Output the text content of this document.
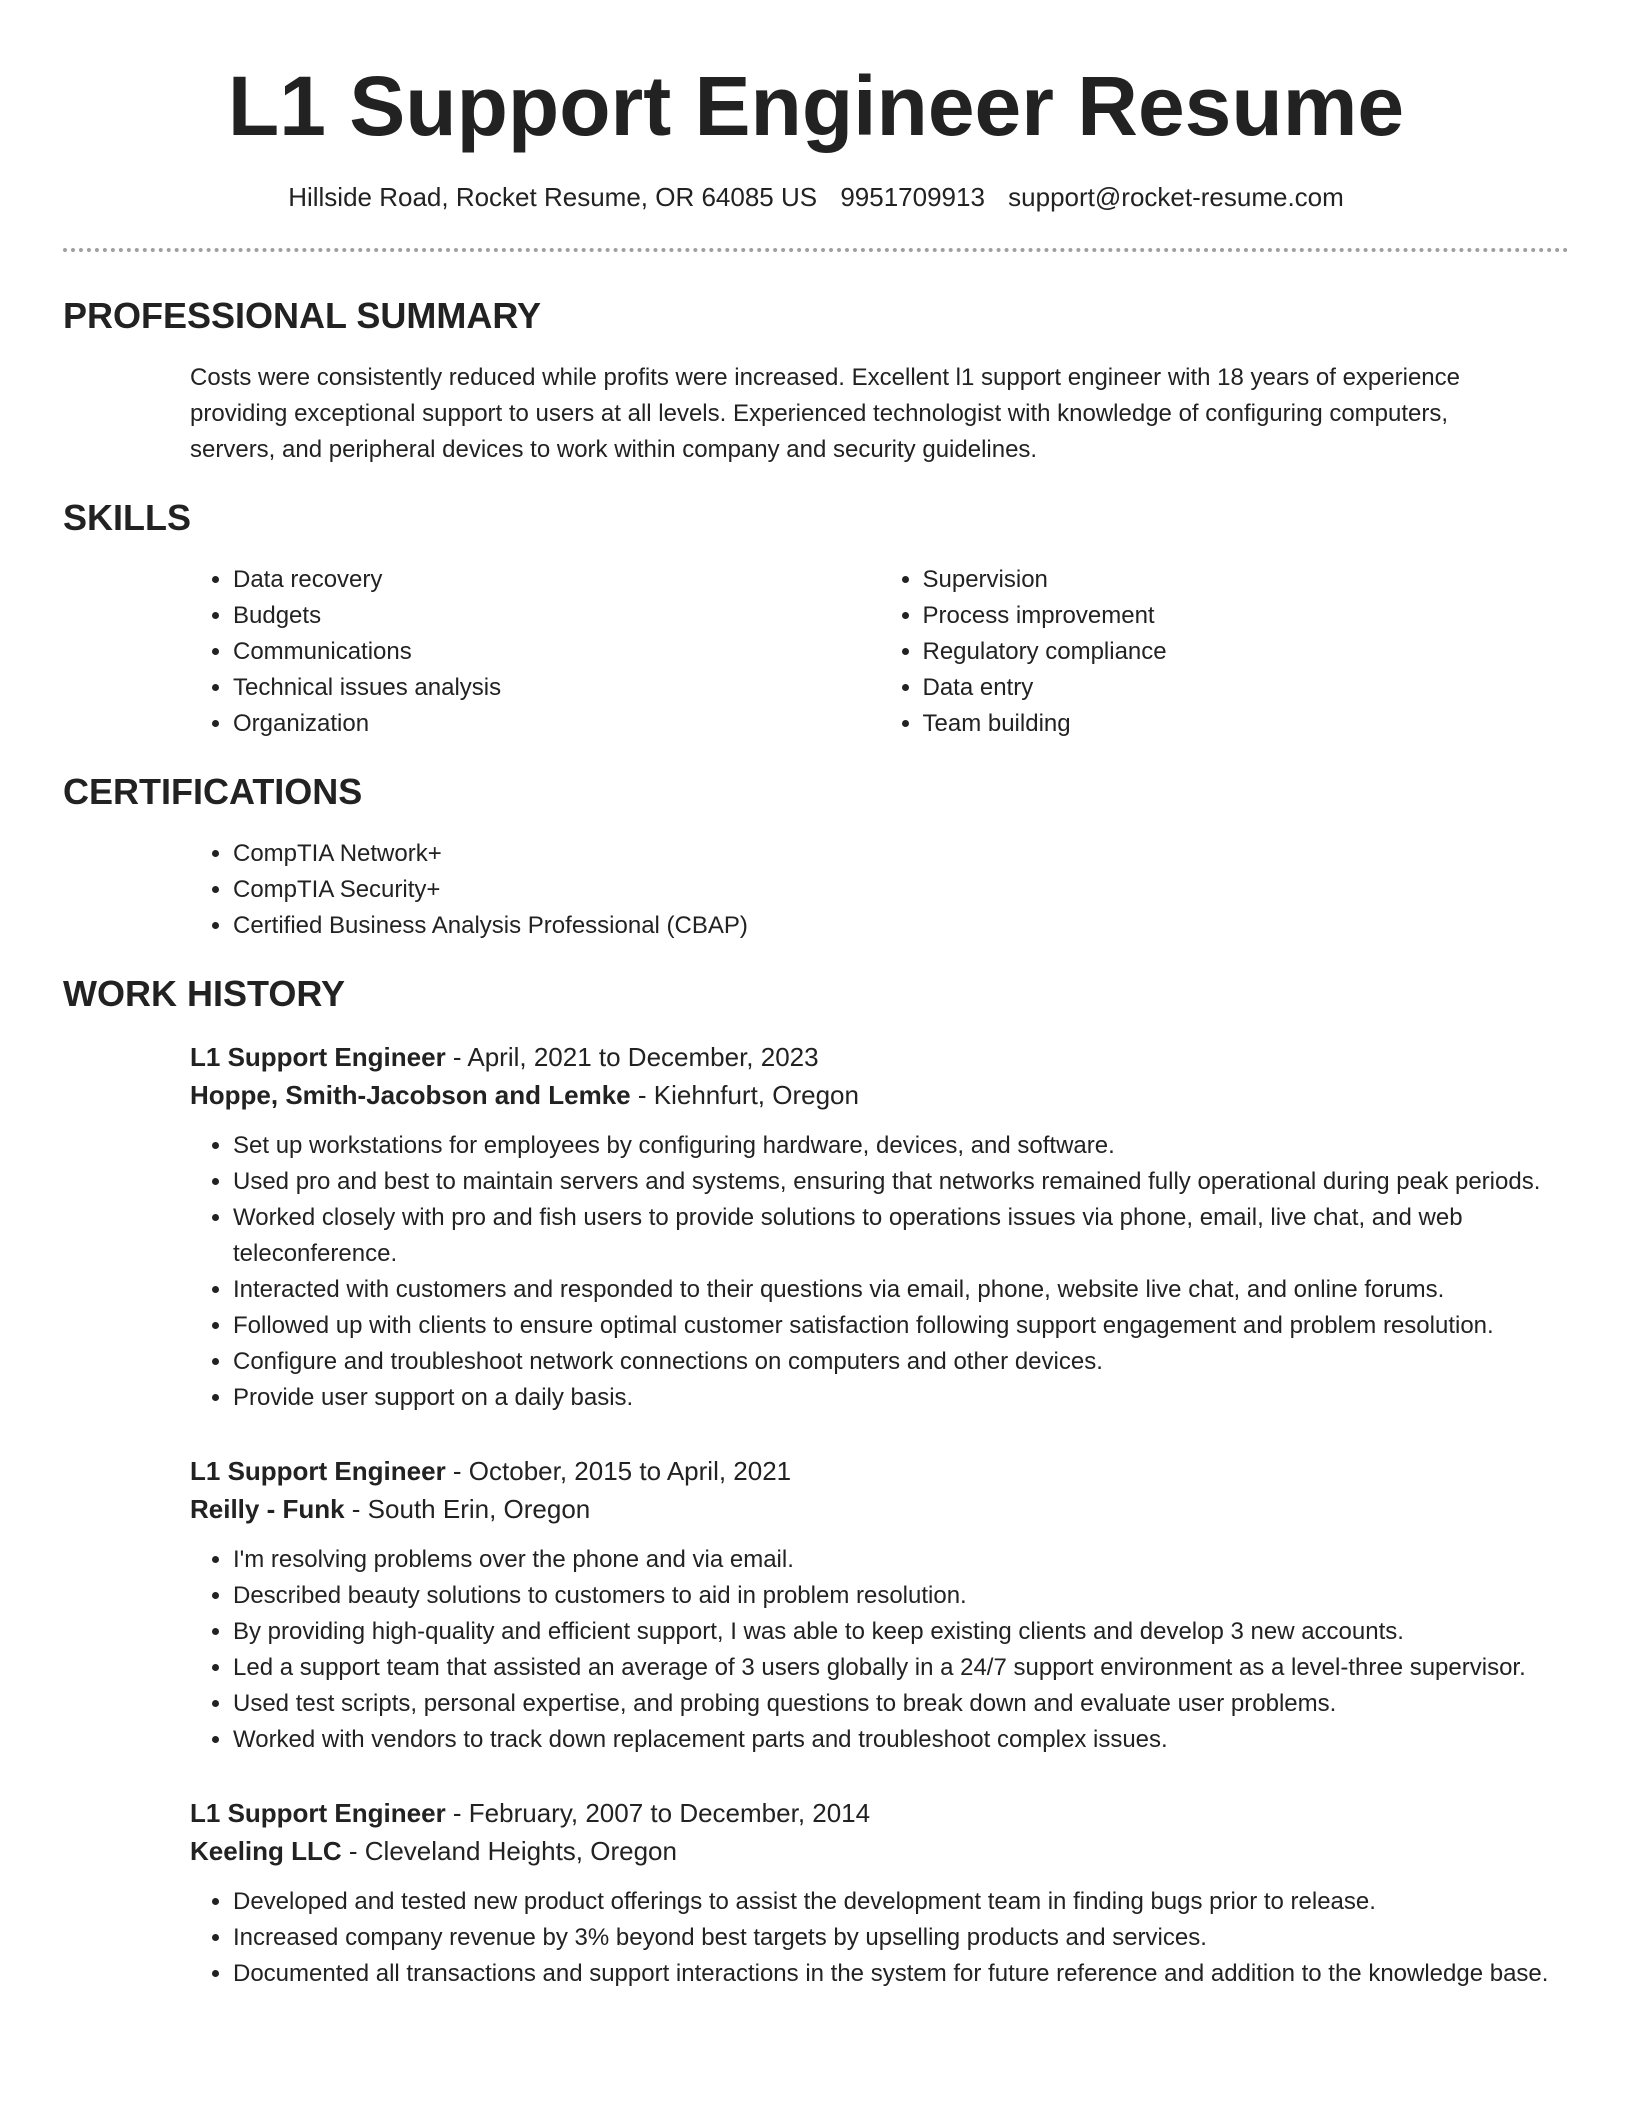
L1 Support Engineer Resume
Hillside Road, Rocket Resume, OR 64085 US 9951709913 support@rocket-resume.com
PROFESSIONAL SUMMARY

Costs were consistently reduced while profits were increased. Excellent l1 support engineer with 18 years of experience providing exceptional support to users at all levels. Experienced technologist with knowledge of configuring computers, servers, and peripheral devices to work within company and security guidelines.

SKILLS
• Data recovery
• Budgets
• Communications
• Technical issues analysis
• Organization
• Supervision
• Process improvement
• Regulatory compliance
• Data entry
• Team building
CERTIFICATIONS
• CompTIA Network+
• CompTIA Security+
• Certified Business Analysis Professional (CBAP)
WORK HISTORY
L1 Support Engineer - April, 2021 to December, 2023
Hoppe, Smith-Jacobson and Lemke - Kiehnfurt, Oregon
• Set up workstations for employees by configuring hardware, devices, and software.
• Used pro and best to maintain servers and systems, ensuring that networks remained fully operational during peak periods.
• Worked closely with pro and fish users to provide solutions to operations issues via phone, email, live chat, and web teleconference.
• Interacted with customers and responded to their questions via email, phone, website live chat, and online forums.
• Followed up with clients to ensure optimal customer satisfaction following support engagement and problem resolution.
• Configure and troubleshoot network connections on computers and other devices.
• Provide user support on a daily basis.
L1 Support Engineer - October, 2015 to April, 2021
Reilly - Funk - South Erin, Oregon
• I'm resolving problems over the phone and via email.
• Described beauty solutions to customers to aid in problem resolution.
• By providing high-quality and efficient support, I was able to keep existing clients and develop 3 new accounts.
• Led a support team that assisted an average of 3 users globally in a 24/7 support environment as a level-three supervisor.
• Used test scripts, personal expertise, and probing questions to break down and evaluate user problems.
• Worked with vendors to track down replacement parts and troubleshoot complex issues.
L1 Support Engineer - February, 2007 to December, 2014
Keeling LLC - Cleveland Heights, Oregon
• Developed and tested new product offerings to assist the development team in finding bugs prior to release.
• Increased company revenue by 3% beyond best targets by upselling products and services.
• Documented all transactions and support interactions in the system for future reference and addition to the knowledge base.
